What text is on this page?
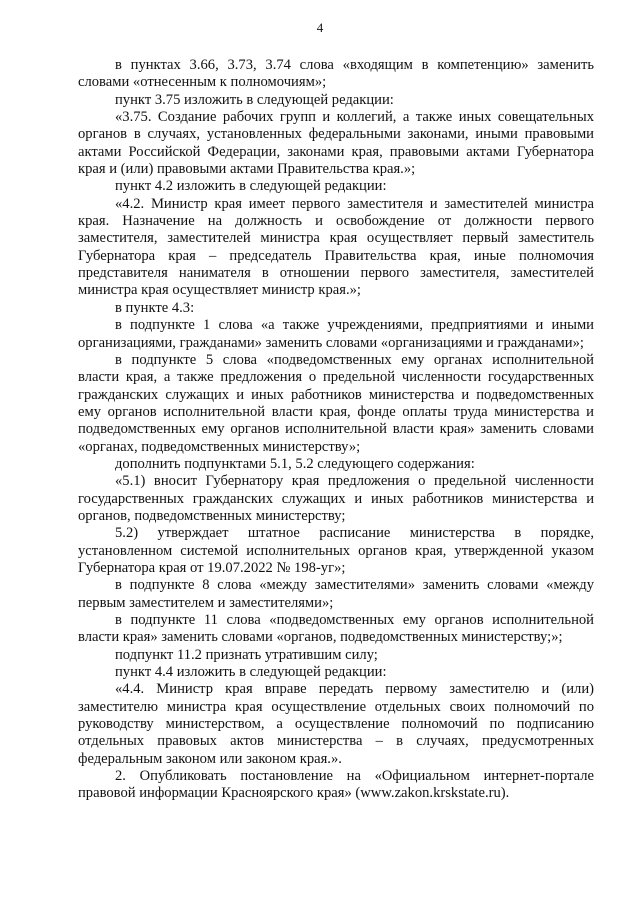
4

в пунктах 3.66, 3.73, 3.74 слова «входящим в компетенцию» заменить словами «отнесенным к полномочиям»;

пункт 3.75 изложить в следующей редакции:

«3.75. Создание рабочих групп и коллегий, а также иных совещательных органов в случаях, установленных федеральными законами, иными правовыми актами Российской Федерации, законами края, правовыми актами Губернатора края и (или) правовыми актами Правительства края.»;

пункт 4.2 изложить в следующей редакции:

«4.2. Министр края имеет первого заместителя и заместителей министра края. Назначение на должность и освобождение от должности первого заместителя, заместителей министра края осуществляет первый заместитель Губернатора края – председатель Правительства края, иные полномочия представителя нанимателя в отношении первого заместителя, заместителей министра края осуществляет министр края.»;

в пункте 4.3:

в подпункте 1 слова «а также учреждениями, предприятиями и иными организациями, гражданами» заменить словами «организациями и гражданами»;

в подпункте 5 слова «подведомственных ему органах исполнительной власти края, а также предложения о предельной численности государственных гражданских служащих и иных работников министерства и подведомственных ему органов исполнительной власти края, фонде оплаты труда министерства и подведомственных ему органов исполнительной власти края» заменить словами «органах, подведомственных министерству»;

дополнить подпунктами 5.1, 5.2 следующего содержания:

«5.1) вносит Губернатору края предложения о предельной численности государственных гражданских служащих и иных работников министерства и органов, подведомственных министерству;

5.2) утверждает штатное расписание министерства в порядке, установленном системой исполнительных органов края, утвержденной указом Губернатора края от 19.07.2022 № 198-уг»;

в подпункте 8 слова «между заместителями» заменить словами «между первым заместителем и заместителями»;

в подпункте 11 слова «подведомственных ему органов исполнительной власти края» заменить словами «органов, подведомственных министерству;»;

подпункт 11.2 признать утратившим силу;

пункт 4.4 изложить в следующей редакции:

«4.4. Министр края вправе передать первому заместителю и (или) заместителю министра края осуществление отдельных своих полномочий по руководству министерством, а осуществление полномочий по подписанию отдельных правовых актов министерства – в случаях, предусмотренных федеральным законом или законом края.».

2. Опубликовать постановление на «Официальном интернет-портале правовой информации Красноярского края» (www.zakon.krskstate.ru).
